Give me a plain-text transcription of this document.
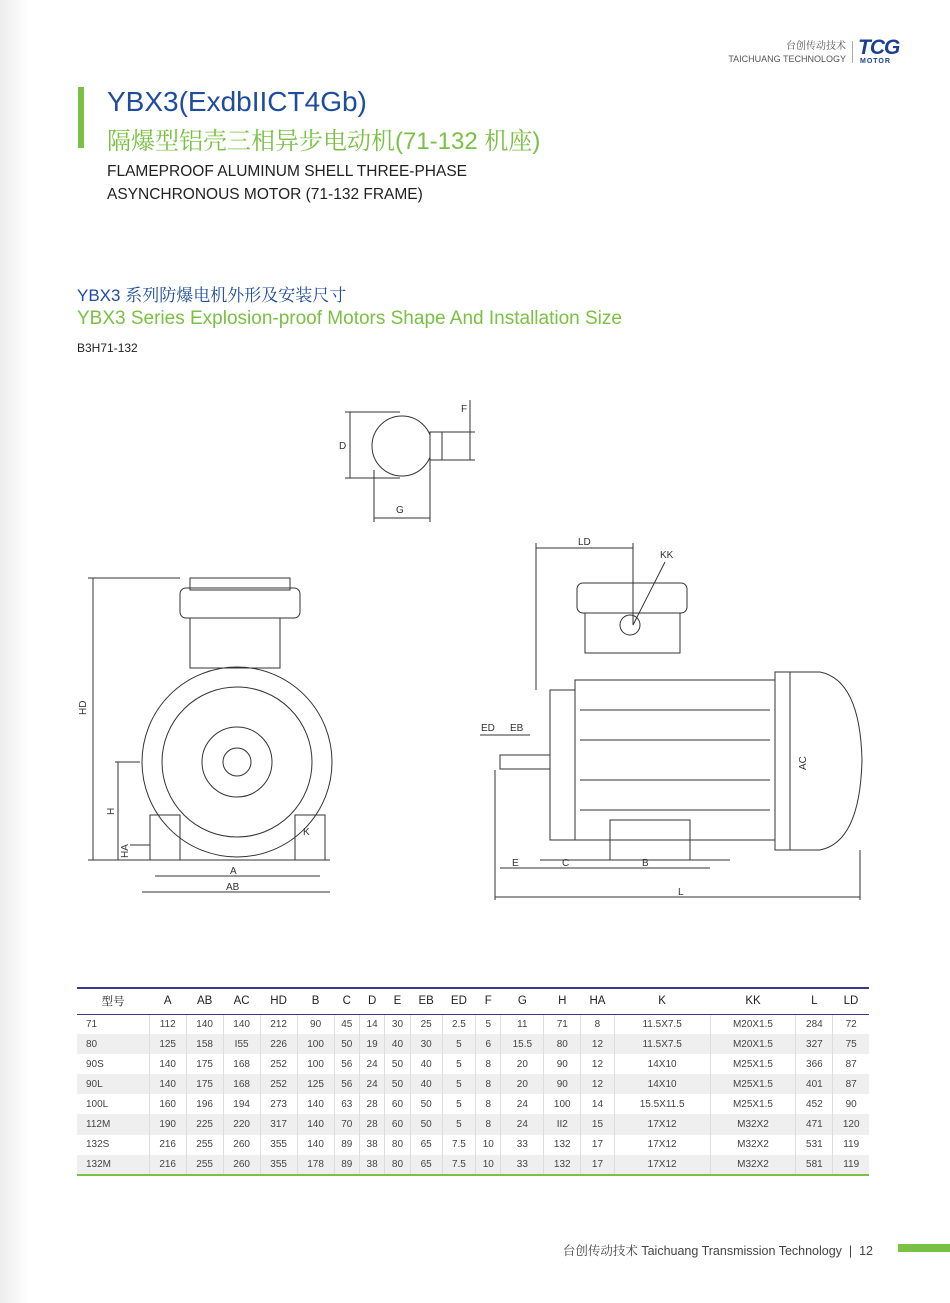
台创传动技术
TAICHUANG TECHNOLOGY TCG
MOTOR
YBX3(ExdbIICT4Gb)
隔爆型铝壳三相异步电动机(71-132 机座)
FLAMEPROOF ALUMINUM SHELL THREE-PHASE
ASYNCHRONOUS MOTOR (71-132 FRAME)
YBX3 系列防爆电机外形及安装尺寸
YBX3 Series Explosion-proof Motors Shape And Installation Size
B3H71-132
D
G
F
HD
H
HA
K
A
AB
LD
KK
ED EB
AC
E	C	B
L
型号	A	AB	AC	HD	B	C	D	E	EB	ED	F	G	H	HA	K	KK	L	LD
71	112	140	140	212	90	45	14	30	25	2.5	5	11	71	8	11.5X7.5	M20X1.5	284	72
80	125	158	I55	226	100	50	19	40	30	5	6	15.5	80	12	11.5X7.5	M20X1.5	327	75
90S	140	175	168	252	100	56	24	50	40	5	8	20	90	12	14X10	M25X1.5	366	87
90L	140	175	168	252	125	56	24	50	40	5	8	20	90	12	14X10	M25X1.5	401	87
100L	160	196	194	273	140	63	28	60	50	5	8	24	100	14	15.5X11.5	M25X1.5	452	90
112M	190	225	220	317	140	70	28	60	50	5	8	24	II2	15	17X12	M32X2	471	120
132S	216	255	260	355	140	89	38	80	65	7.5	10	33	132	17	17X12	M32X2	531	119
132M	216	255	260	355	178	89	38	80	65	7.5	10	33	132	17	17X12	M32X2	581	119
台创传动技术 Taichuang Transmission Technology | 12
